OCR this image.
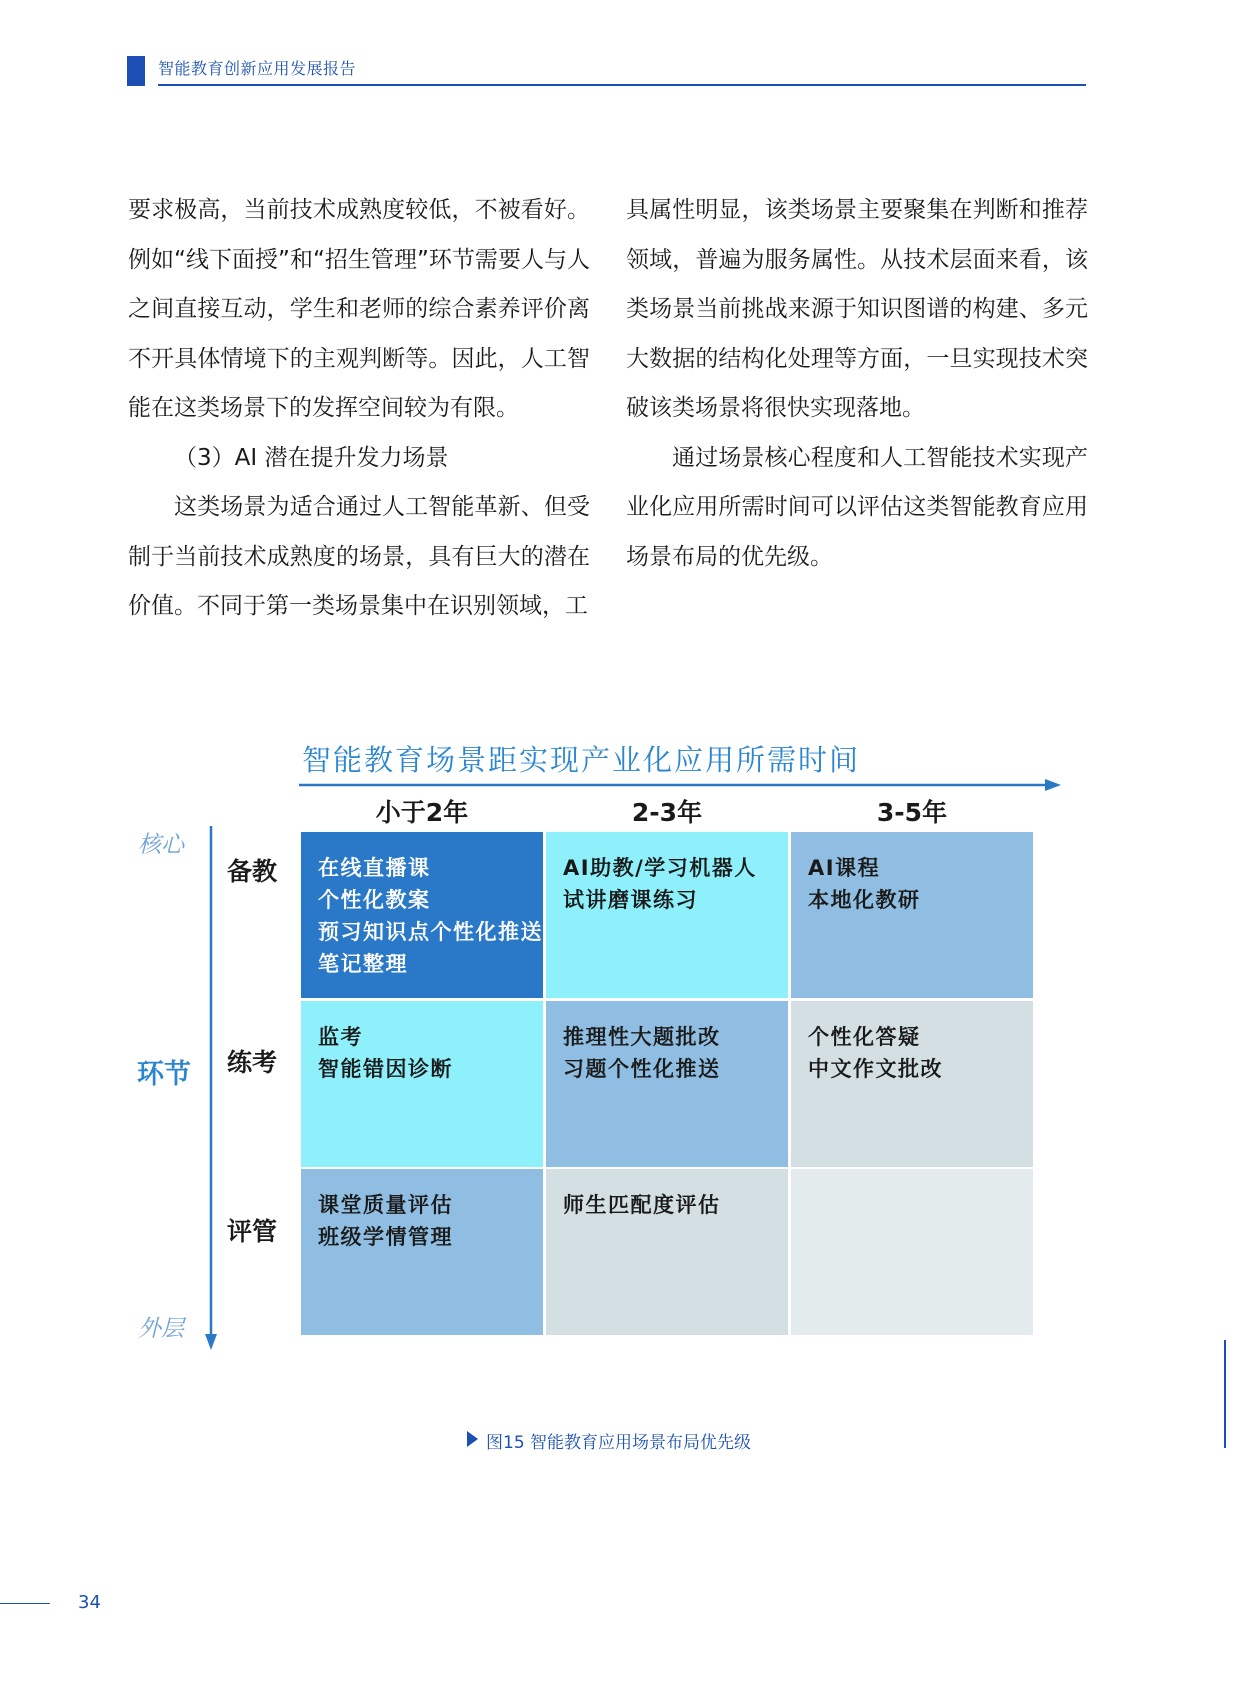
智能教育创新应用发展报告

要求极高，当前技术成熟度较低，不被看好。例如“线下面授”和“招生管理”环节需要人与人之间直接互动，学生和老师的综合素养评价离不开具体情境下的主观判断等。因此，人工智能在这类场景下的发挥空间较为有限。

（3）AI 潜在提升发力场景

这类场景为适合通过人工智能革新、但受制于当前技术成熟度的场景，具有巨大的潜在价值。不同于第一类场景集中在识别领域，工

具属性明显，该类场景主要聚集在判断和推荐领域，普遍为服务属性。从技术层面来看，该类场景当前挑战来源于知识图谱的构建、多元大数据的结构化处理等方面，一旦实现技术突破该类场景将很快实现落地。

通过场景核心程度和人工智能技术实现产业化应用所需时间可以评估这类智能教育应用场景布局的优先级。

智能教育场景距实现产业化应用所需时间
小于2年	2-3年	3-5年
核心
环节
外层
备教
练考
评管
在线直播课
个性化教案
预习知识点个性化推送
笔记整理
AI助教/学习机器人
试讲磨课练习
AI课程
本地化教研
监考
智能错因诊断
推理性大题批改
习题个性化推送
个性化答疑
中文作文批改
课堂质量评估
班级学情管理
师生匹配度评估
图15 智能教育应用场景布局优先级
34
